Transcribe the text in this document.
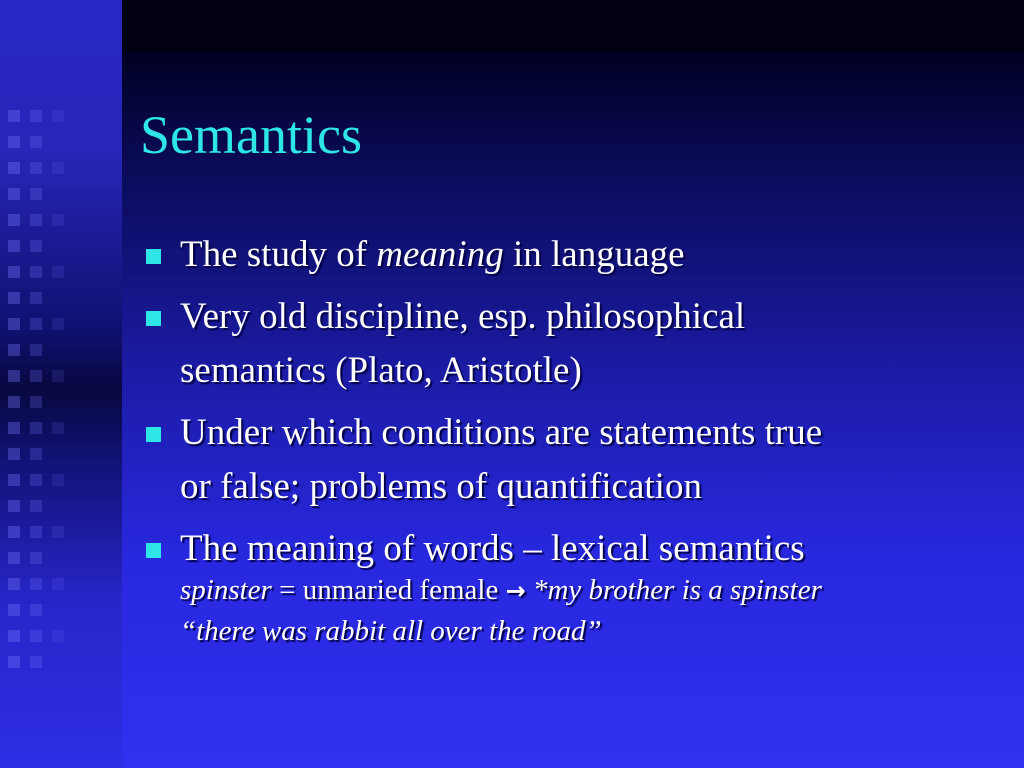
Semantics
The study of meaning in language
Very old discipline, esp. philosophical
semantics (Plato, Aristotle)
Under which conditions are statements true
or false; problems of quantification
The meaning of words – lexical semantics
spinster = unmaried female → *my brother is a spinster
“there was rabbit all over the road”
